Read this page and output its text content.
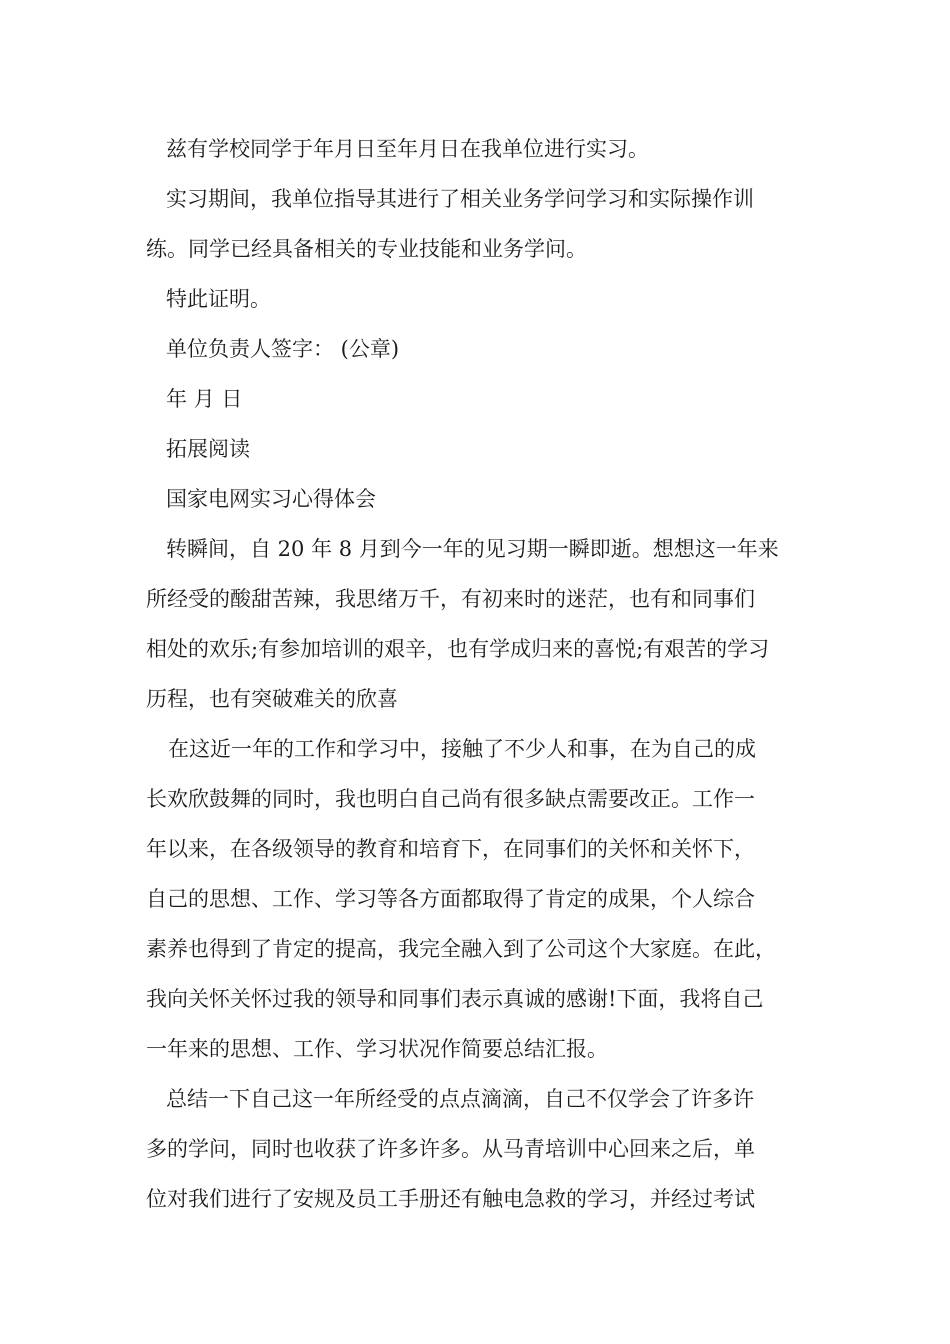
兹有学校同学于年月日至年月日在我单位进行实习。

实习期间，我单位指导其进行了相关业务学问学习和实际操作训

练。同学已经具备相关的专业技能和业务学问。

特此证明。

单位负责人签字： (公章)

年 月 日

拓展阅读

国家电网实习心得体会

转瞬间，自 20 年 8 月到今一年的见习期一瞬即逝。想想这一年来

所经受的酸甜苦辣，我思绪万千，有初来时的迷茫，也有和同事们

相处的欢乐;有参加培训的艰辛，也有学成归来的喜悦;有艰苦的学习

历程，也有突破难关的欣喜

在这近一年的工作和学习中，接触了不少人和事，在为自己的成

长欢欣鼓舞的同时，我也明白自己尚有很多缺点需要改正。工作一

年以来，在各级领导的教育和培育下，在同事们的关怀和关怀下，

自己的思想、工作、学习等各方面都取得了肯定的成果，个人综合

素养也得到了肯定的提高，我完全融入到了公司这个大家庭。在此，

我向关怀关怀过我的领导和同事们表示真诚的感谢!下面，我将自己

一年来的思想、工作、学习状况作简要总结汇报。

总结一下自己这一年所经受的点点滴滴，自己不仅学会了许多许

多的学问，同时也收获了许多许多。从马青培训中心回来之后，单

位对我们进行了安规及员工手册还有触电急救的学习，并经过考试
